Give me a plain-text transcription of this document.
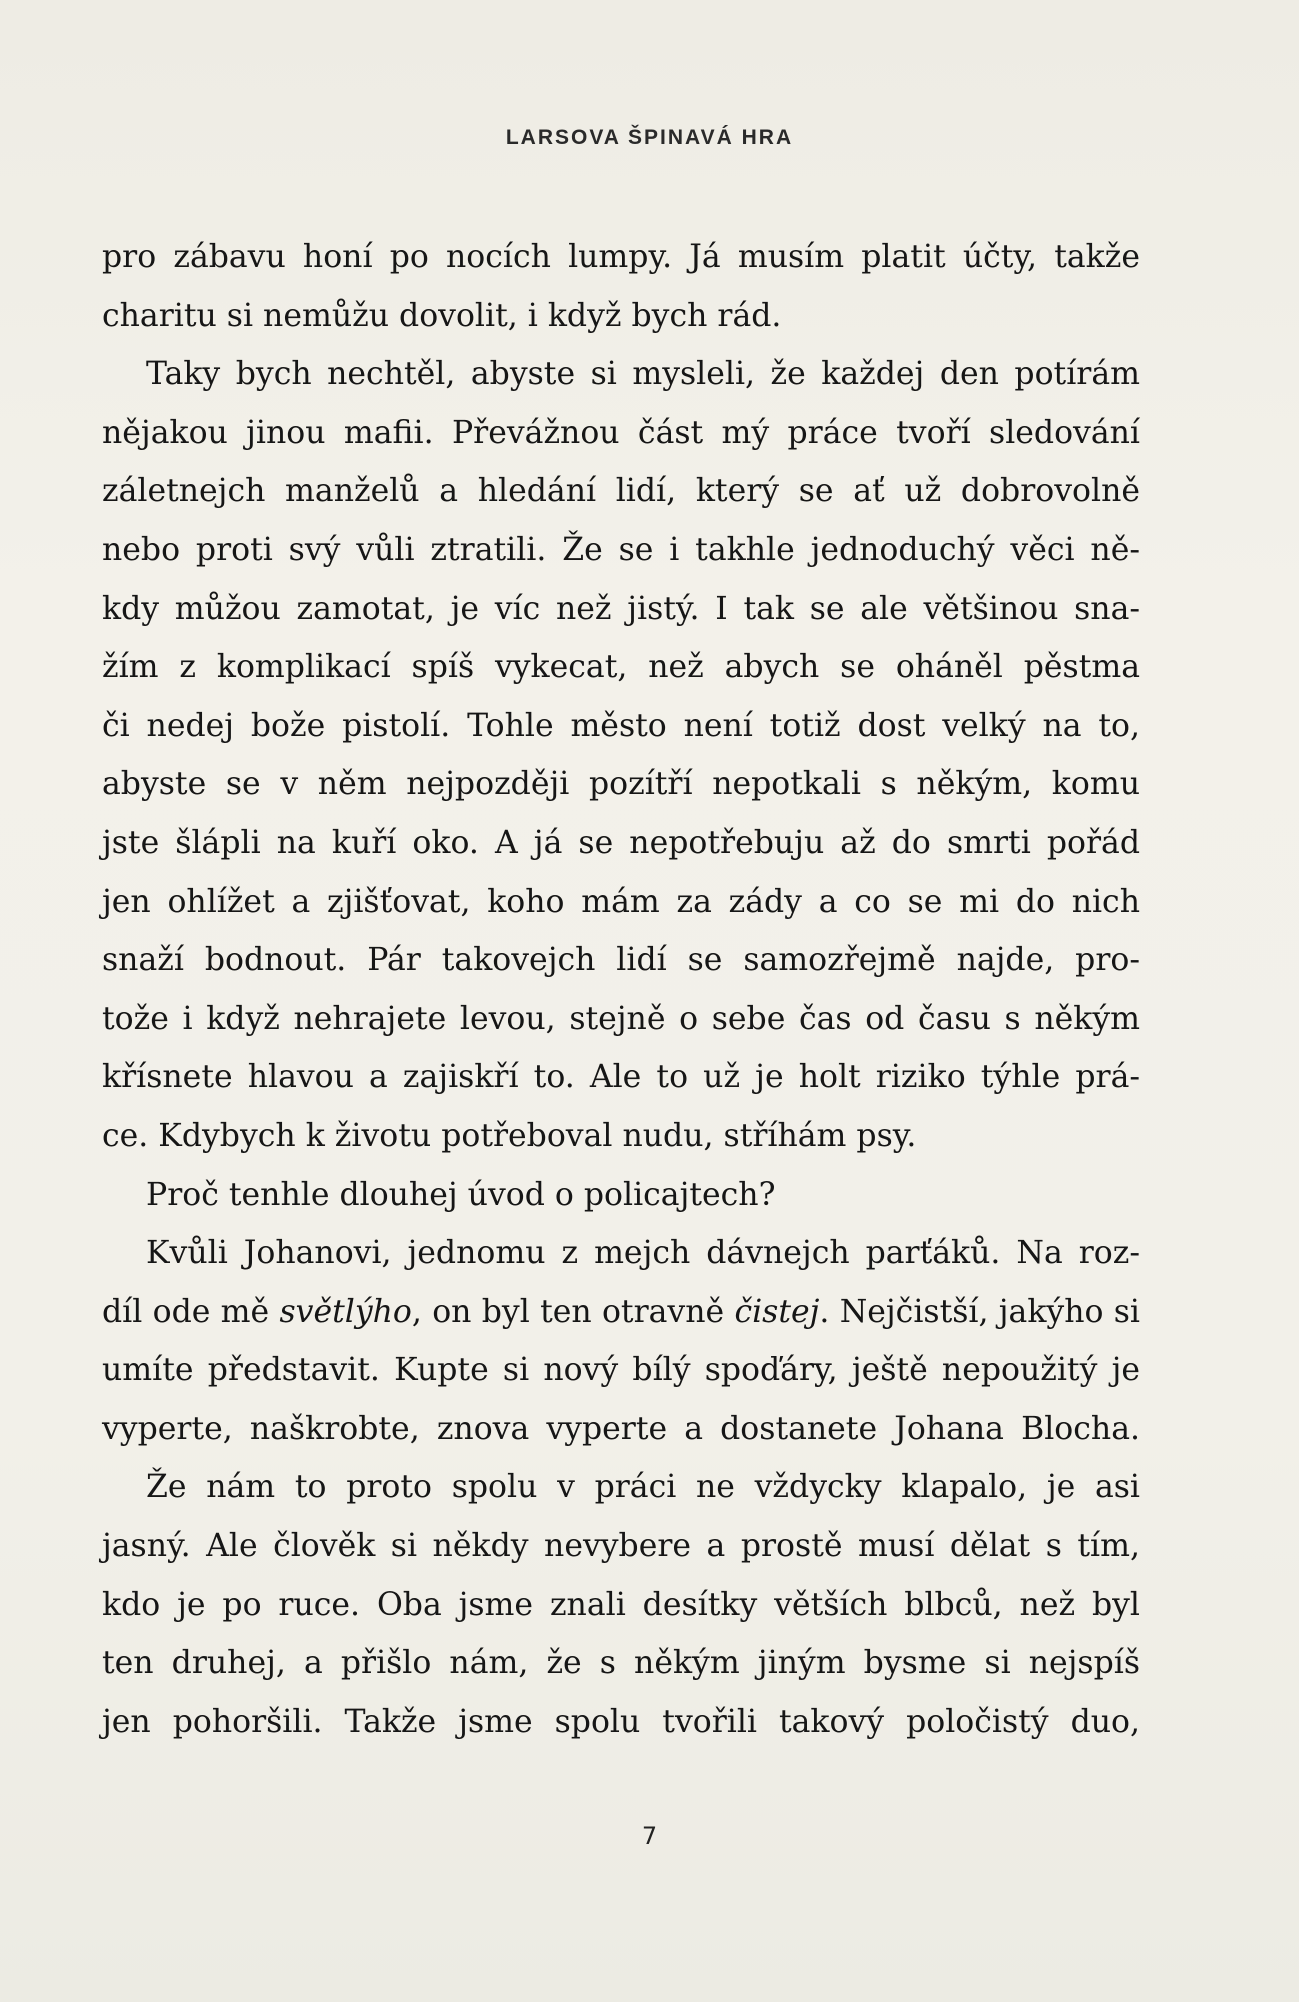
LARSOVA ŠPINAVÁ HRA
pro zábavu honí po nocích lumpy. Já musím platit účty, takže
charitu si nemůžu dovolit, i když bych rád.
Taky bych nechtěl, abyste si mysleli, že každej den potírám
nějakou jinou mafii. Převážnou část mý práce tvoří sledování
záletnejch manželů a hledání lidí, který se ať už dobrovolně
nebo proti svý vůli ztratili. Že se i takhle jednoduchý věci ně-
kdy můžou zamotat, je víc než jistý. I tak se ale většinou sna-
žím z komplikací spíš vykecat, než abych se oháněl pěstma
či nedej bože pistolí. Tohle město není totiž dost velký na to,
abyste se v něm nejpozději pozítří nepotkali s někým, komu
jste šlápli na kuří oko. A já se nepotřebuju až do smrti pořád
jen ohlížet a zjišťovat, koho mám za zády a co se mi do nich
snaží bodnout. Pár takovejch lidí se samozřejmě najde, pro-
tože i když nehrajete levou, stejně o sebe čas od času s někým
křísnete hlavou a zajiskří to. Ale to už je holt riziko týhle prá-
ce. Kdybych k životu potřeboval nudu, stříhám psy.
Proč tenhle dlouhej úvod o policajtech?
Kvůli Johanovi, jednomu z mejch dávnejch parťáků. Na roz-
díl ode mě světlýho, on byl ten otravně čistej. Nejčistší, jakýho si
umíte představit. Kupte si nový bílý spoďáry, ještě nepoužitý je
vyperte, naškrobte, znova vyperte a dostanete Johana Blocha.
Že nám to proto spolu v práci ne vždycky klapalo, je asi
jasný. Ale člověk si někdy nevybere a prostě musí dělat s tím,
kdo je po ruce. Oba jsme znali desítky větších blbců, než byl
ten druhej, a přišlo nám, že s někým jiným bysme si nejspíš
jen pohoršili. Takže jsme spolu tvořili takový poločistý duo,
7
